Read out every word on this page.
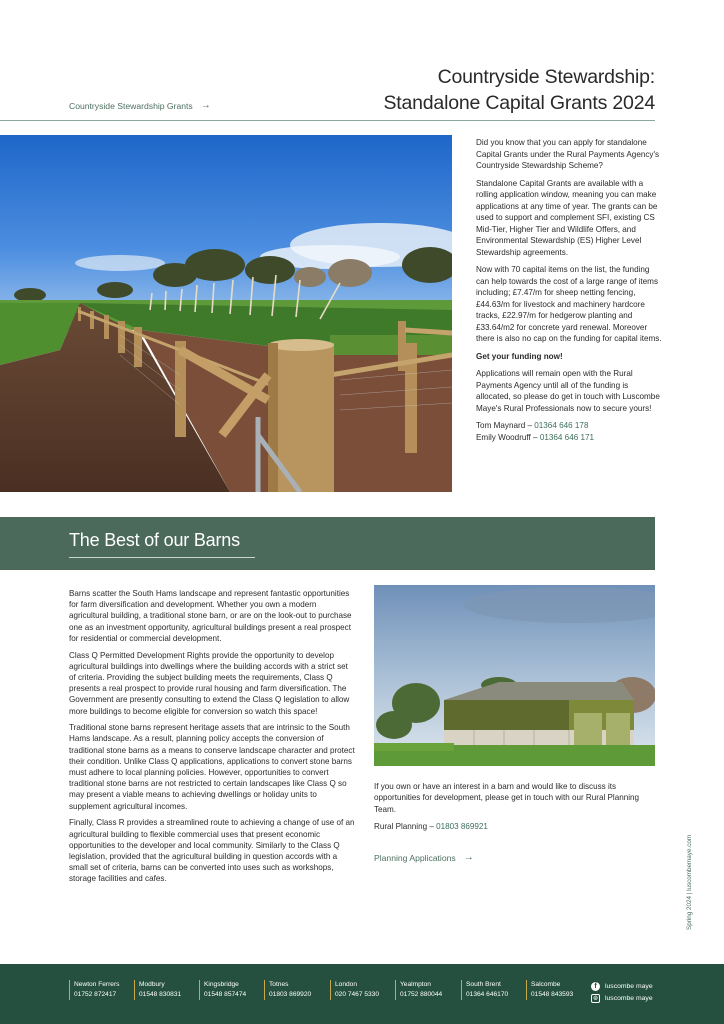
Countryside Stewardship:
Standalone Capital Grants 2024
Countryside Stewardship Grants →

Did you know that you can apply for standalone Capital Grants under the Rural Payments Agency's Countryside Stewardship Scheme?

Standalone Capital Grants are available with a rolling application window, meaning you can make applications at any time of year. The grants can be used to support and complement SFI, existing CS Mid-Tier, Higher Tier and Wildlife Offers, and Environmental Stewardship (ES) Higher Level Stewardship agreements.

Now with 70 capital items on the list, the funding can help towards the cost of a large range of items including; £7.47/m for sheep netting fencing, £44.63/m for livestock and machinery hardcore tracks, £22.97/m for hedgerow planting and £33.64/m2 for concrete yard renewal. Moreover there is also no cap on the funding for capital items.

Get your funding now!

Applications will remain open with the Rural Payments Agency until all of the funding is allocated, so please do get in touch with Luscombe Maye's Rural Professionals now to secure yours!

Tom Maynard – 01364 646 178
Emily Woodruff – 01364 646 171
The Best of our Barns

Barns scatter the South Hams landscape and represent fantastic opportunities for farm diversification and development. Whether you own a modern agricultural building, a traditional stone barn, or are on the look-out to purchase one as an investment opportunity, agricultural buildings present a real prospect for residential or commercial development.

Class Q Permitted Development Rights provide the opportunity to develop agricultural buildings into dwellings where the building accords with a strict set of criteria. Providing the subject building meets the requirements, Class Q presents a real prospect to provide rural housing and farm diversification. The Government are presently consulting to extend the Class Q legislation to allow more buildings to become eligible for conversion so watch this space!

Traditional stone barns represent heritage assets that are intrinsic to the South Hams landscape. As a result, planning policy accepts the conversion of traditional stone barns as a means to conserve landscape character and protect their condition. Unlike Class Q applications, applications to convert stone barns must adhere to local planning policies. However, opportunities to convert traditional stone barns are not restricted to certain landscapes like Class Q so may present a viable means to achieving dwellings or holiday units to supplement agricultural incomes.

Finally, Class R provides a streamlined route to achieving a change of use of an agricultural building to flexible commercial uses that present economic opportunities to the developer and local community. Similarly to the Class Q legislation, provided that the agricultural building in question accords with a small set of criteria, barns can be converted into uses such as workshops, storage facilities and cafes.

If you own or have an interest in a barn and would like to discuss its opportunities for development, please get in touch with our Rural Planning Team.

Rural Planning – 01803 869921

Planning Applications →	Spring 2024 | luscombemaye.com
Newton Ferrers
01752 872417
Modbury
01548 830831
Kingsbridge
01548 857474
Totnes
01803 869920
London
020 7467 5330
Yealmpton
01752 880044
South Brent
01364 646170
Salcombe
01548 843593
f	luscombe maye
◎	luscombe maye
